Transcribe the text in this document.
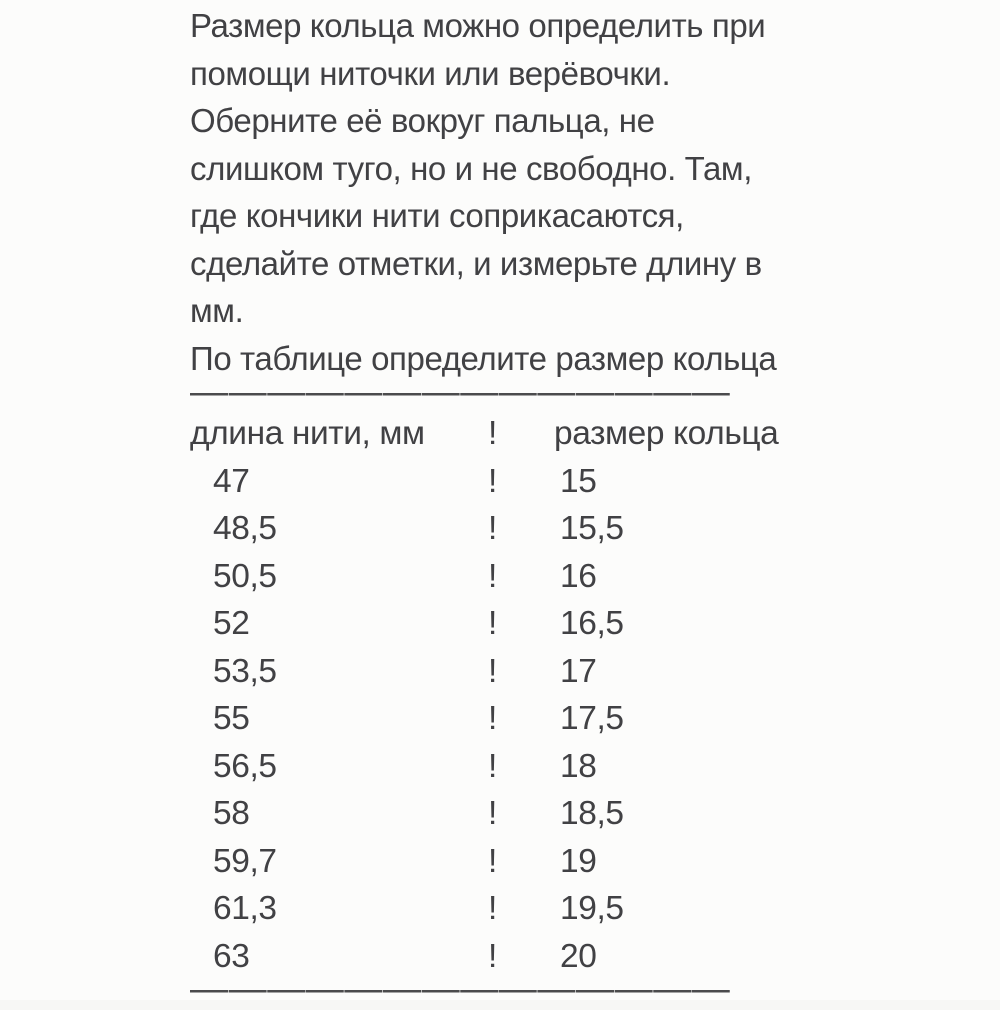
Размер кольца можно определить при
помощи ниточки или верёвочки.
Оберните её вокруг пальца, не
слишком туго, но и не свободно. Там,
где кончики нити соприкасаются,
сделайте отметки, и измерьте длину в
мм.
По таблице определите размер кольца
——————————————
длина нити, мм	!	размер кольца
47	!	15
48,5	!	15,5
50,5	!	16
52	!	16,5
53,5	!	17
55	!	17,5
56,5	!	18
58	!	18,5
59,7	!	19
61,3	!	19,5
63	!	20
——————————————
